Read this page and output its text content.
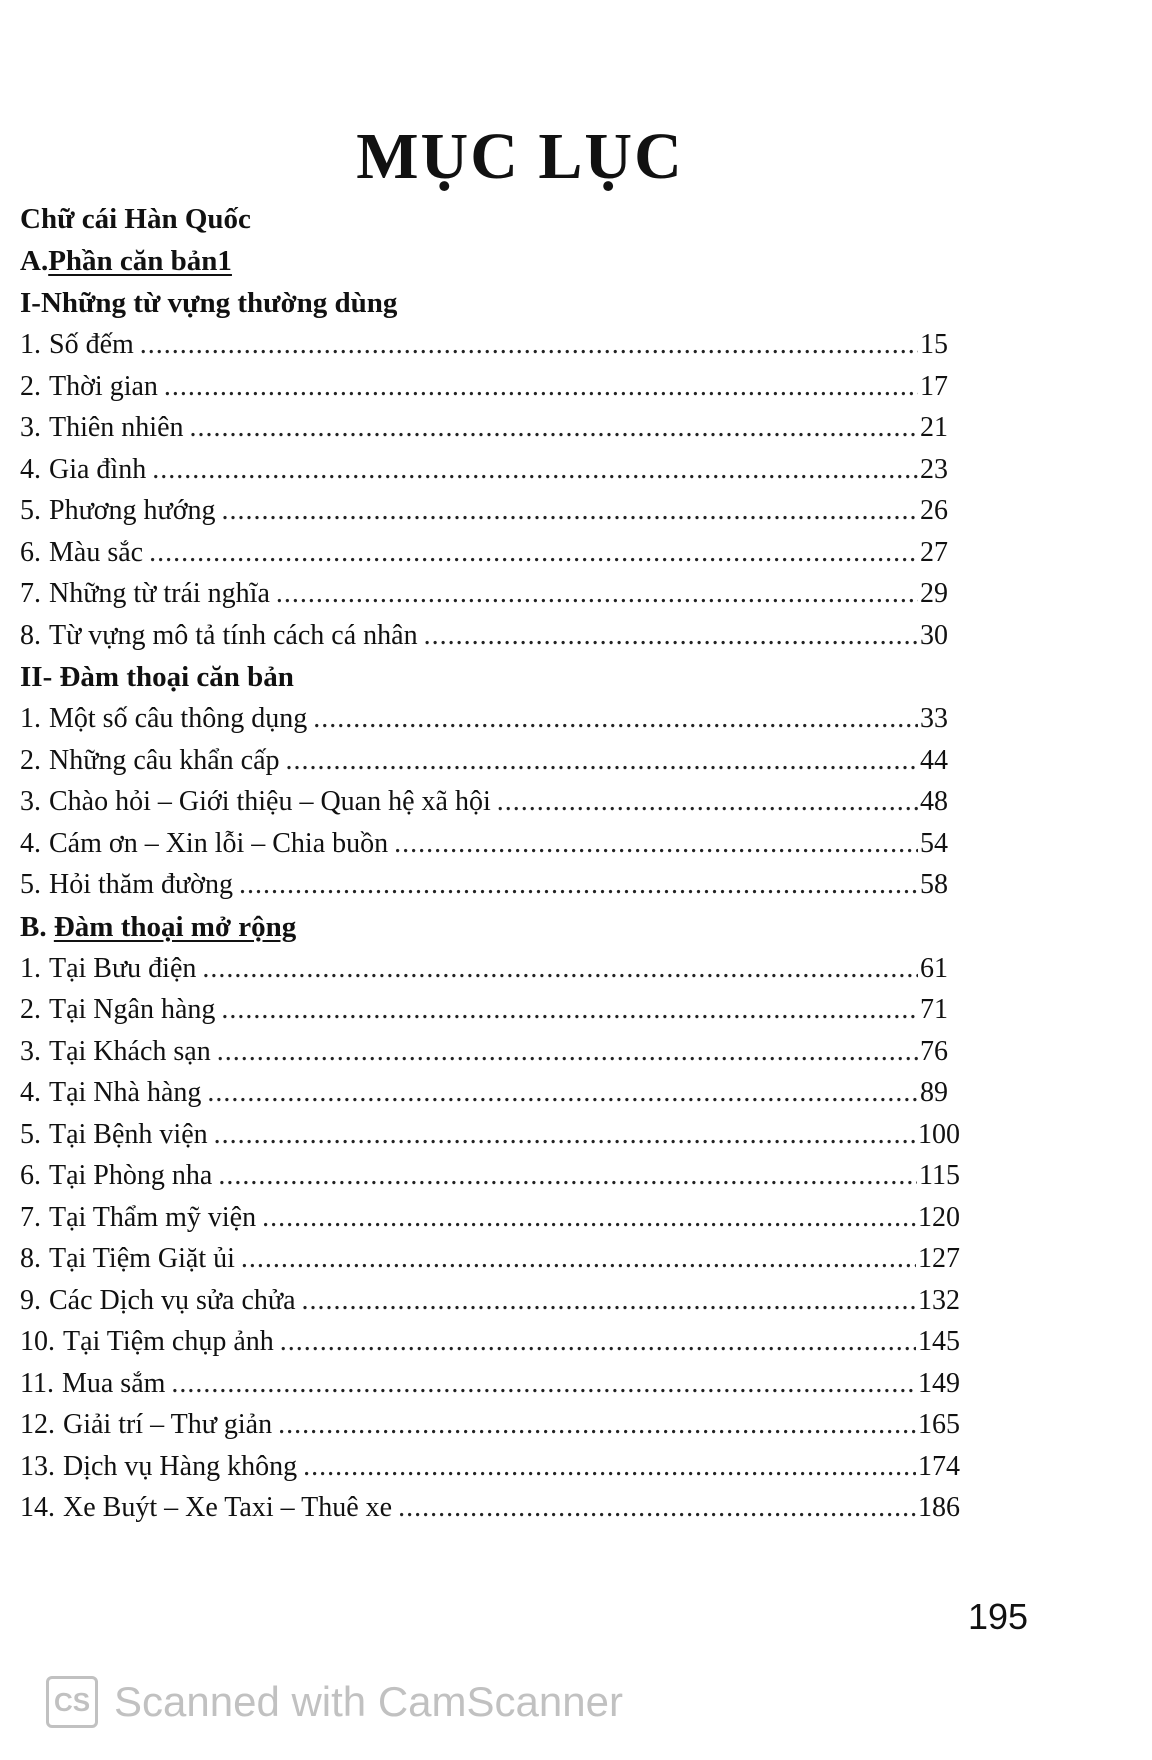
MỤC LỤC
Chữ cái Hàn Quốc
A.Phần căn bản1
I-Những từ vựng thường dùng
1. Số đếm .....	15
2. Thời gian .....	17
3. Thiên nhiên .....	21
4. Gia đình .....	23
5. Phương hướng .....	26
6. Màu sắc .....	27
7. Những từ trái nghĩa .....	29
8. Từ vựng mô tả tính cách cá nhân .....	30
II- Đàm thoại căn bản
1. Một số câu thông dụng .....	33
2. Những câu khẩn cấp .....	44
3. Chào hỏi – Giới thiệu – Quan hệ xã hội .....	48
4. Cám ơn – Xin lỗi – Chia buồn .....	54
5. Hỏi thăm đường .....	58
B. Đàm thoại mở rộng
1. Tại Bưu điện .....	61
2. Tại Ngân hàng .....	71
3. Tại Khách sạn .....	76
4. Tại Nhà hàng .....	89
5. Tại Bệnh viện .....	100
6. Tại Phòng nha .....	115
7. Tại Thẩm mỹ viện .....	120
8. Tại Tiệm Giặt ủi .....	127
9. Các Dịch vụ sửa chửa .....	132
10. Tại Tiệm chụp ảnh .....	145
11. Mua sắm .....	149
12. Giải trí – Thư giản .....	165
13. Dịch vụ Hàng không .....	174
14. Xe Buýt – Xe Taxi – Thuê xe .....	186
195
CS Scanned with CamScanner
